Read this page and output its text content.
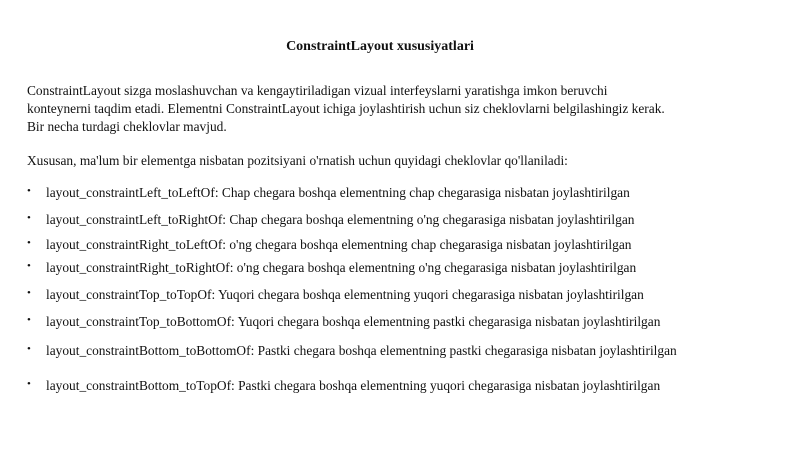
ConstraintLayout xususiyatlari
ConstraintLayout sizga moslashuvchan va kengaytiriladigan vizual interfeyslarni yaratishga imkon beruvchi konteynerni taqdim etadi. Elementni ConstraintLayout ichiga joylashtirish uchun siz cheklovlarni belgilashingiz kerak. Bir necha turdagi cheklovlar mavjud.
Xususan, ma'lum bir elementga nisbatan pozitsiyani o'rnatish uchun quyidagi cheklovlar qo'llaniladi:
• layout_constraintLeft_toLeftOf: Chap chegara boshqa elementning chap chegarasiga nisbatan joylashtirilgan
• layout_constraintLeft_toRightOf: Chap chegara boshqa elementning o'ng chegarasiga nisbatan joylashtirilgan
• layout_constraintRight_toLeftOf: o'ng chegara boshqa elementning chap chegarasiga nisbatan joylashtirilgan
• layout_constraintRight_toRightOf: o'ng chegara boshqa elementning o'ng chegarasiga nisbatan joylashtirilgan
• layout_constraintTop_toTopOf: Yuqori chegara boshqa elementning yuqori chegarasiga nisbatan joylashtirilgan
• layout_constraintTop_toBottomOf: Yuqori chegara boshqa elementning pastki chegarasiga nisbatan joylashtirilgan
• layout_constraintBottom_toBottomOf: Pastki chegara boshqa elementning pastki chegarasiga nisbatan joylashtirilgan
• layout_constraintBottom_toTopOf: Pastki chegara boshqa elementning yuqori chegarasiga nisbatan joylashtirilgan
